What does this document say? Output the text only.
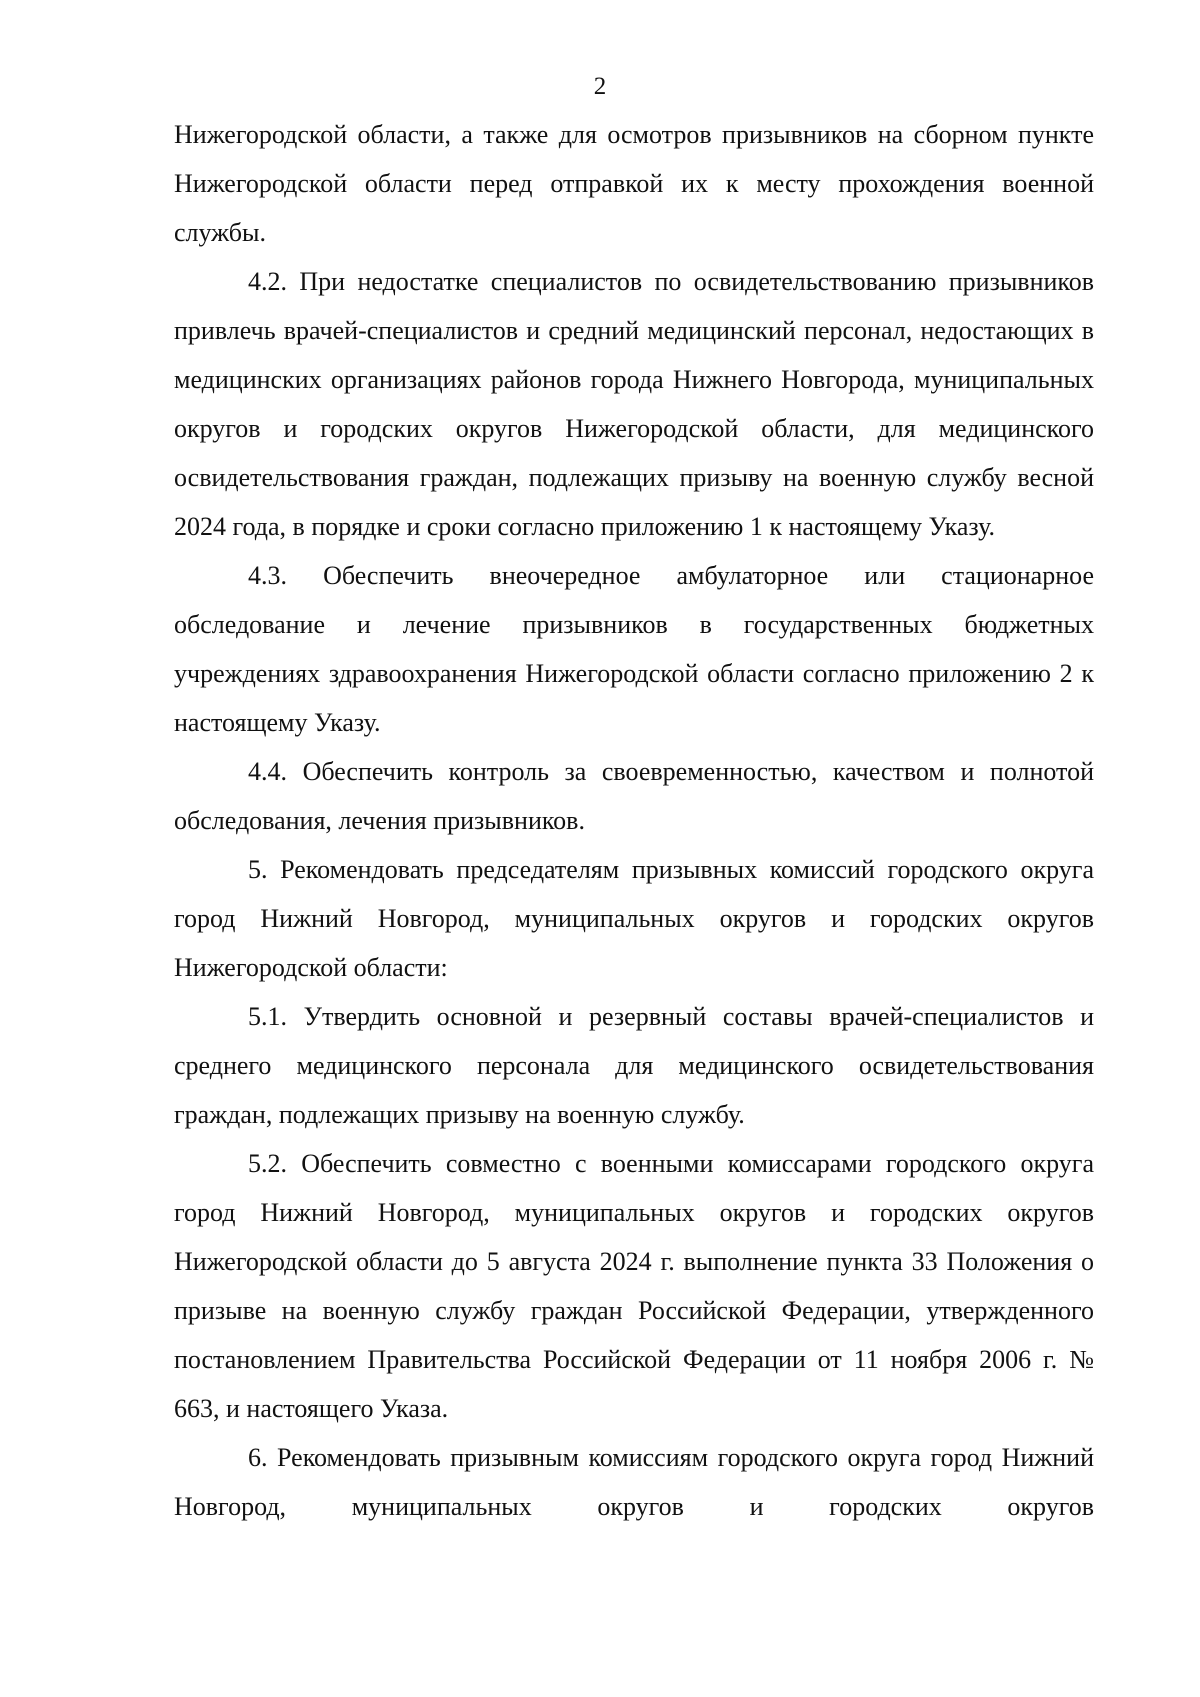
2

Нижегородской области, а также для осмотров призывников на сборном пункте Нижегородской области перед отправкой их к месту прохождения военной службы.

4.2. При недостатке специалистов по освидетельствованию призывников привлечь врачей-специалистов и средний медицинский персонал, недостающих в медицинских организациях районов города Нижнего Новгорода, муниципальных округов и городских округов Нижегородской области, для медицинского освидетельствования граждан, подлежащих призыву на военную службу весной 2024 года, в порядке и сроки согласно приложению 1 к настоящему Указу.

4.3. Обеспечить внеочередное амбулаторное или стационарное обследование и лечение призывников в государственных бюджетных учреждениях здравоохранения Нижегородской области согласно приложению 2 к настоящему Указу.

4.4. Обеспечить контроль за своевременностью, качеством и полнотой обследования, лечения призывников.

5. Рекомендовать председателям призывных комиссий городского округа город Нижний Новгород, муниципальных округов и городских округов Нижегородской области:

5.1. Утвердить основной и резервный составы врачей-специалистов и среднего медицинского персонала для медицинского освидетельствования граждан, подлежащих призыву на военную службу.

5.2. Обеспечить совместно с военными комиссарами городского округа город Нижний Новгород, муниципальных округов и городских округов Нижегородской области до 5 августа 2024 г. выполнение пункта 33 Положения о призыве на военную службу граждан Российской Федерации, утвержденного постановлением Правительства Российской Федерации от 11 ноября 2006 г. № 663, и настоящего Указа.

6. Рекомендовать призывным комиссиям городского округа город Нижний Новгород, муниципальных округов и городских округов
